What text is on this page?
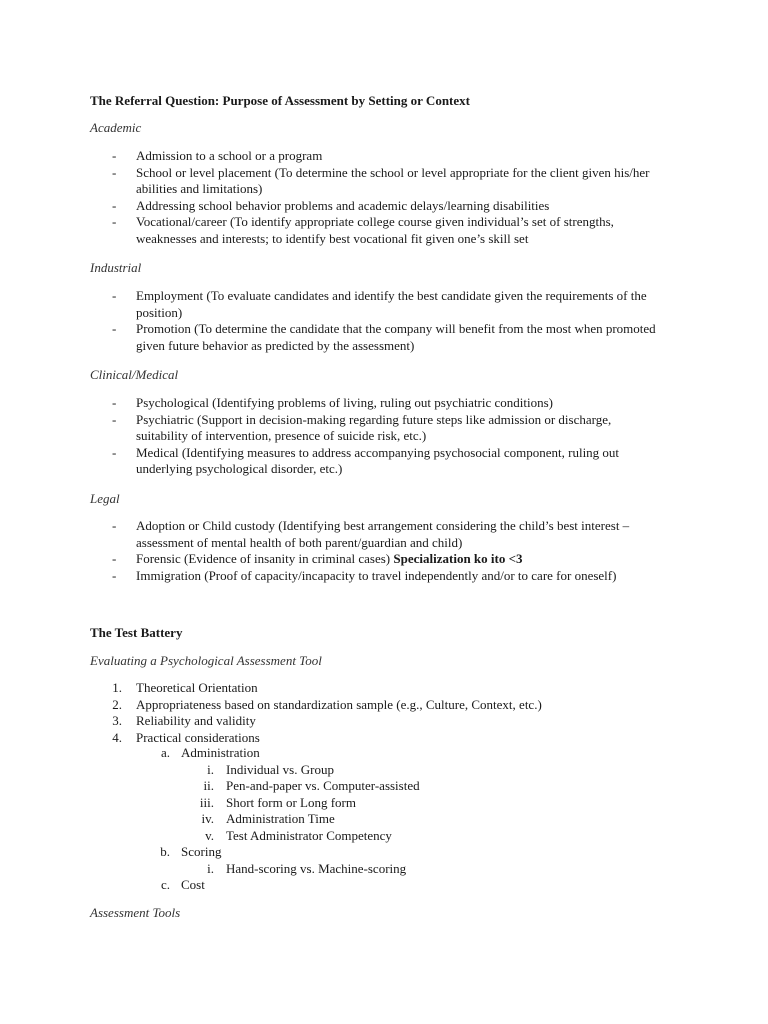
The Referral Question: Purpose of Assessment by Setting or Context
Academic
- Admission to a school or a program
- School or level placement (To determine the school or level appropriate for the client given his/her abilities and limitations)
- Addressing school behavior problems and academic delays/learning disabilities
- Vocational/career (To identify appropriate college course given individual’s set of strengths, weaknesses and interests; to identify best vocational fit given one’s skill set
Industrial
- Employment (To evaluate candidates and identify the best candidate given the requirements of the position)
- Promotion (To determine the candidate that the company will benefit from the most when promoted given future behavior as predicted by the assessment)
Clinical/Medical
- Psychological (Identifying problems of living, ruling out psychiatric conditions)
- Psychiatric (Support in decision-making regarding future steps like admission or discharge, suitability of intervention, presence of suicide risk, etc.)
- Medical (Identifying measures to address accompanying psychosocial component, ruling out underlying psychological disorder, etc.)
Legal
- Adoption or Child custody (Identifying best arrangement considering the child’s best interest – assessment of mental health of both parent/guardian and child)
- Forensic (Evidence of insanity in criminal cases) Specialization ko ito <3
- Immigration (Proof of capacity/incapacity to travel independently and/or to care for oneself)
The Test Battery
Evaluating a Psychological Assessment Tool
1. Theoretical Orientation
2. Appropriateness based on standardization sample (e.g., Culture, Context, etc.)
3. Reliability and validity
4. Practical considerations
a. Administration
i. Individual vs. Group
ii. Pen-and-paper vs. Computer-assisted
iii. Short form or Long form
iv. Administration Time
v. Test Administrator Competency
b. Scoring
i. Hand-scoring vs. Machine-scoring
c. Cost
Assessment Tools
